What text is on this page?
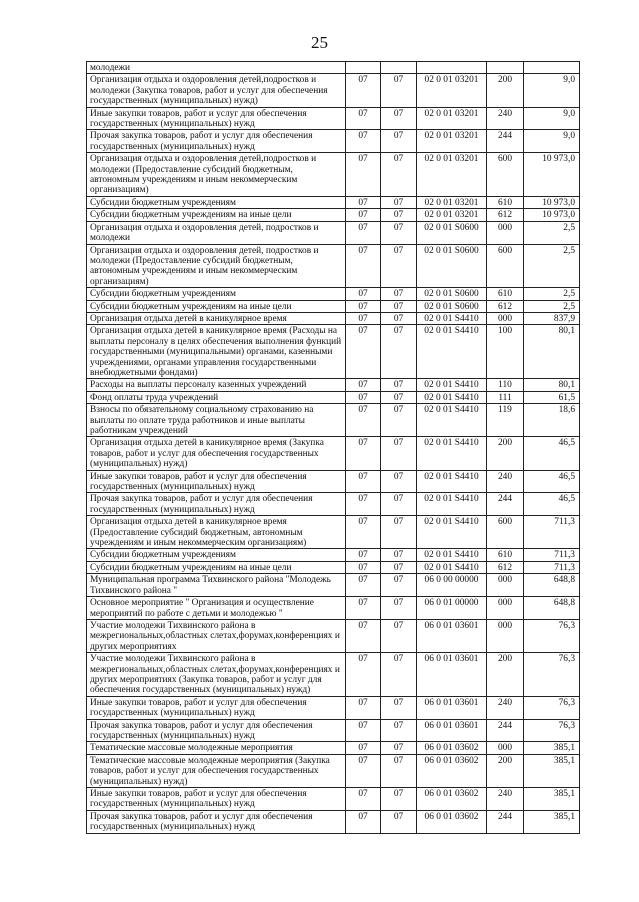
25
молодежи					
Организация отдыха и оздоровления детей,подростков и молодежи (Закупка товаров, работ и услуг для обеспечения государственных (муниципальных) нужд)	07	07	02 0 01 03201	200	9,0
Иные закупки товаров, работ и услуг для обеспечения государственных (муниципальных) нужд	07	07	02 0 01 03201	240	9,0
Прочая закупка товаров, работ и услуг для обеспечения государственных (муниципальных) нужд	07	07	02 0 01 03201	244	9,0
Организация отдыха и оздоровления детей,подростков и молодежи (Предоставление субсидий бюджетным, автономным учреждениям и иным некоммерческим организациям)	07	07	02 0 01 03201	600	10 973,0
Субсидии бюджетным учреждениям	07	07	02 0 01 03201	610	10 973,0
Субсидии бюджетным учреждениям на иные цели	07	07	02 0 01 03201	612	10 973,0
Организация отдыха и оздоровления детей, подростков и молодежи	07	07	02 0 01 S0600	000	2,5
Организация отдыха и оздоровления детей, подростков и молодежи (Предоставление субсидий бюджетным, автономным учреждениям и иным некоммерческим организациям)	07	07	02 0 01 S0600	600	2,5
Субсидии бюджетным учреждениям	07	07	02 0 01 S0600	610	2,5
Субсидии бюджетным учреждениям на иные цели	07	07	02 0 01 S0600	612	2,5
Организация отдыха детей в каникулярное время	07	07	02 0 01 S4410	000	837,9
Организация отдыха детей в каникулярное время (Расходы на выплаты персоналу в целях обеспечения выполнения функций государственными (муниципальными) органами, казенными учреждениями, органами управления государственными внебюджетными фондами)	07	07	02 0 01 S4410	100	80,1
Расходы на выплаты персоналу казенных учреждений	07	07	02 0 01 S4410	110	80,1
Фонд оплаты труда учреждений	07	07	02 0 01 S4410	111	61,5
Взносы по обязательному социальному страхованию на выплаты по оплате труда работников и иные выплаты работникам учреждений	07	07	02 0 01 S4410	119	18,6
Организация отдыха детей в каникулярное время (Закупка товаров, работ и услуг для обеспечения государственных (муниципальных) нужд)	07	07	02 0 01 S4410	200	46,5
Иные закупки товаров, работ и услуг для обеспечения государственных (муниципальных) нужд	07	07	02 0 01 S4410	240	46,5
Прочая закупка товаров, работ и услуг для обеспечения государственных (муниципальных) нужд	07	07	02 0 01 S4410	244	46,5
Организация отдыха детей в каникулярное время (Предоставление субсидий бюджетным, автономным учреждениям и иным некоммерческим организациям)	07	07	02 0 01 S4410	600	711,3
Субсидии бюджетным учреждениям	07	07	02 0 01 S4410	610	711,3
Субсидии бюджетным учреждениям на иные цели	07	07	02 0 01 S4410	612	711,3
Муниципальная программа Тихвинского района "Молодежь Тихвинского района "	07	07	06 0 00 00000	000	648,8
Основное мероприятие " Организация и осуществление мероприятий по работе с детьми и молодежью "	07	07	06 0 01 00000	000	648,8
Участие молодежи Тихвинского района в межрегиональных,областных слетах,форумах,конференциях и других мероприятиях	07	07	06 0 01 03601	000	76,3
Участие молодежи Тихвинского района в межрегиональных,областных слетах,форумах,конференциях и других мероприятиях (Закупка товаров, работ и услуг для обеспечения государственных (муниципальных) нужд)	07	07	06 0 01 03601	200	76,3
Иные закупки товаров, работ и услуг для обеспечения государственных (муниципальных) нужд	07	07	06 0 01 03601	240	76,3
Прочая закупка товаров, работ и услуг для обеспечения государственных (муниципальных) нужд	07	07	06 0 01 03601	244	76,3
Тематические массовые молодежные мероприятия	07	07	06 0 01 03602	000	385,1
Тематические массовые молодежные мероприятия (Закупка товаров, работ и услуг для обеспечения государственных (муниципальных) нужд)	07	07	06 0 01 03602	200	385,1
Иные закупки товаров, работ и услуг для обеспечения государственных (муниципальных) нужд	07	07	06 0 01 03602	240	385,1
Прочая закупка товаров, работ и услуг для обеспечения государственных (муниципальных) нужд	07	07	06 0 01 03602	244	385,1
